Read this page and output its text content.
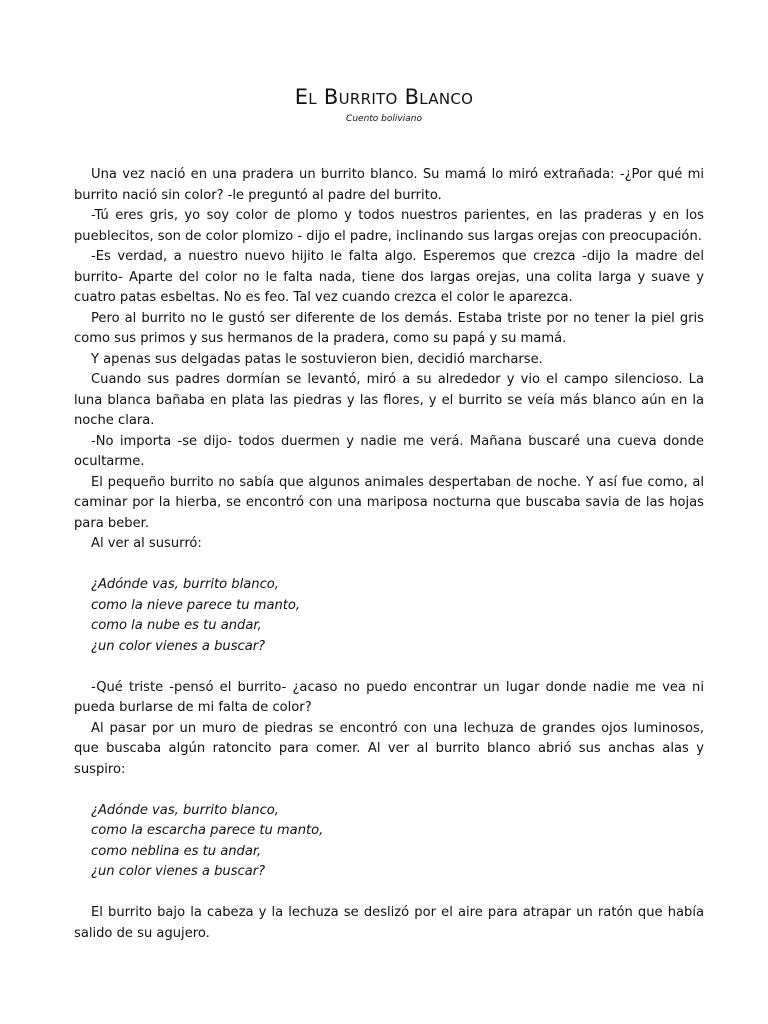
El Burrito Blanco

Cuento boliviano

Una vez nació en una pradera un burrito blanco. Su mamá lo miró extrañada: -¿Por qué mi burrito nació sin color? -le preguntó al padre del burrito.

-Tú eres gris, yo soy color de plomo y todos nuestros parientes, en las praderas y en los pueblecitos, son de color plomizo - dijo el padre, inclinando sus largas orejas con preocupación.

-Es verdad, a nuestro nuevo hijito le falta algo. Esperemos que crezca -dijo la madre del burrito- Aparte del color no le falta nada, tiene dos largas orejas, una colita larga y suave y cuatro patas esbeltas. No es feo. Tal vez cuando crezca el color le aparezca.

Pero al burrito no le gustó ser diferente de los demás. Estaba triste por no tener la piel gris como sus primos y sus hermanos de la pradera, como su papá y su mamá.

Y apenas sus delgadas patas le sostuvieron bien, decidió marcharse.

Cuando sus padres dormían se levantó, miró a su alrededor y vio el campo silencioso. La luna blanca bañaba en plata las piedras y las flores, y el burrito se veía más blanco aún en la noche clara.

-No importa -se dijo- todos duermen y nadie me verá. Mañana buscaré una cueva donde ocultarme.

El pequeño burrito no sabía que algunos animales despertaban de noche. Y así fue como, al caminar por la hierba, se encontró con una mariposa nocturna que buscaba savia de las hojas para beber.

Al ver al susurró:

¿Adónde vas, burrito blanco,

como la nieve parece tu manto,

como la nube es tu andar,

¿un color vienes a buscar?

-Qué triste -pensó el burrito- ¿acaso no puedo encontrar un lugar donde nadie me vea ni pueda burlarse de mi falta de color?

Al pasar por un muro de piedras se encontró con una lechuza de grandes ojos luminosos, que buscaba algún ratoncito para comer. Al ver al burrito blanco abrió sus anchas alas y suspiro:

¿Adónde vas, burrito blanco,

como la escarcha parece tu manto,

como neblina es tu andar,

¿un color vienes a buscar?

El burrito bajo la cabeza y la lechuza se deslizó por el aire para atrapar un ratón que había salido de su agujero.
